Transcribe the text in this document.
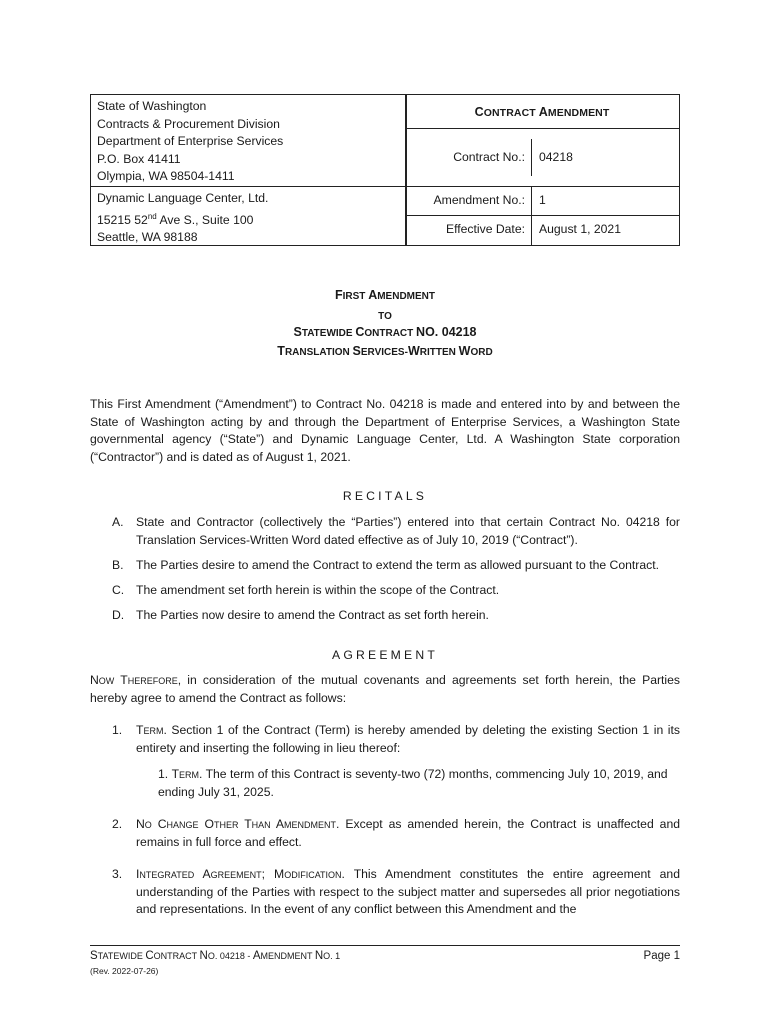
State of Washington
Contracts & Procurement Division
Department of Enterprise Services
P.O. Box 41411
Olympia, WA 98504-1411
Dynamic Language Center, Ltd.
15215 52nd Ave S., Suite 100
Seattle, WA 98188
CONTRACT AMENDMENT
Contract No.: 04218
Amendment No.: 1
Effective Date: August 1, 2021
FIRST AMENDMENT
TO
STATEWIDE CONTRACT NO. 04218
TRANSLATION SERVICES-WRITTEN WORD
This First Amendment (“Amendment”) to Contract No. 04218 is made and entered into by and between the State of Washington acting by and through the Department of Enterprise Services, a Washington State governmental agency (“State”) and Dynamic Language Center, Ltd. A Washington State corporation (“Contractor”) and is dated as of August 1, 2021.
RECITALS
A. State and Contractor (collectively the “Parties”) entered into that certain Contract No. 04218 for Translation Services-Written Word dated effective as of July 10, 2019 (“Contract”).
B. The Parties desire to amend the Contract to extend the term as allowed pursuant to the Contract.
C. The amendment set forth herein is within the scope of the Contract.
D. The Parties now desire to amend the Contract as set forth herein.
AGREEMENT
Now Therefore, in consideration of the mutual covenants and agreements set forth herein, the Parties hereby agree to amend the Contract as follows:
1. Term. Section 1 of the Contract (Term) is hereby amended by deleting the existing Section 1 in its entirety and inserting the following in lieu thereof:
1. Term. The term of this Contract is seventy-two (72) months, commencing July 10, 2019, and ending July 31, 2025.
2. No Change Other Than Amendment. Except as amended herein, the Contract is unaffected and remains in full force and effect.
3. Integrated Agreement; Modification. This Amendment constitutes the entire agreement and understanding of the Parties with respect to the subject matter and supersedes all prior negotiations and representations. In the event of any conflict between this Amendment and the
STATEWIDE CONTRACT NO. 04218 - AMENDMENT NO. 1	Page 1
(Rev. 2022-07-26)
